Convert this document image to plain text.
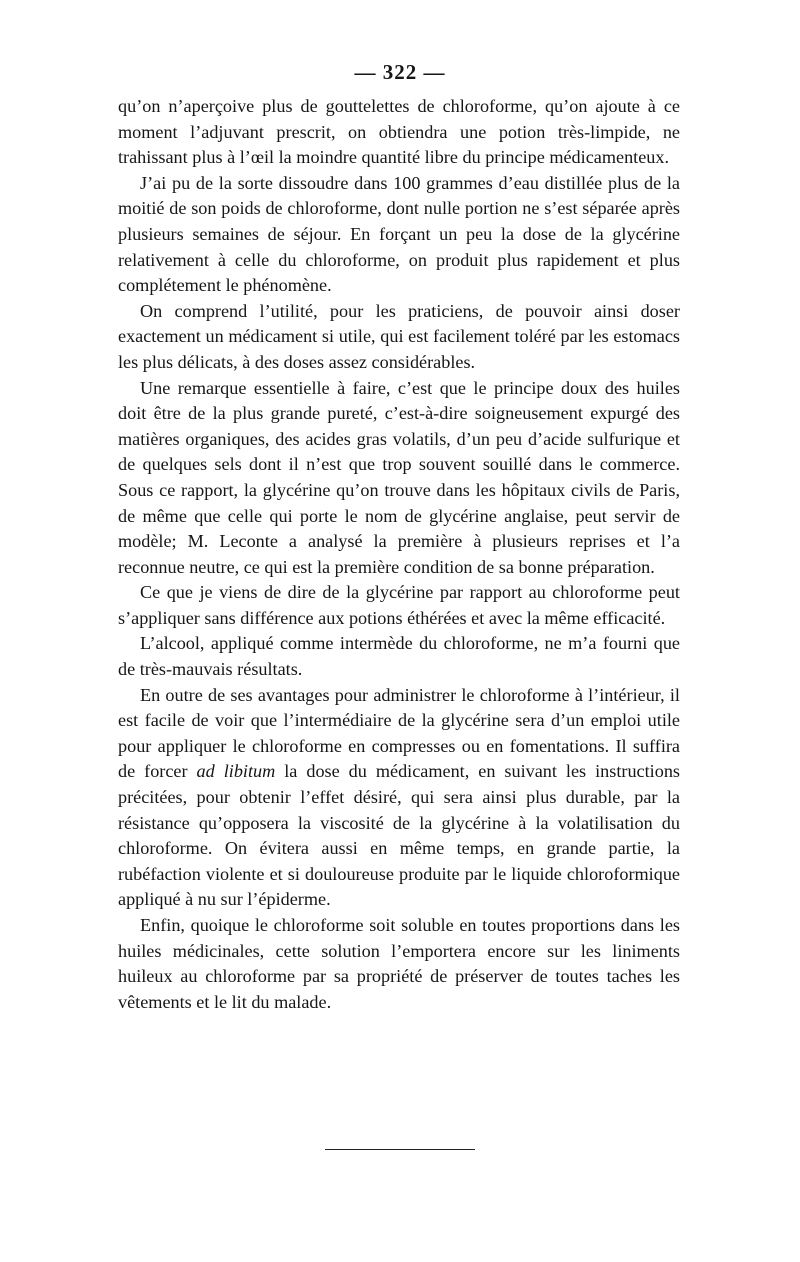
— 322 —

qu’on n’aperçoive plus de gouttelettes de chloroforme, qu’on ajoute à ce moment l’adjuvant prescrit, on obtiendra une potion très-limpide, ne trahissant plus à l’œil la moindre quantité libre du principe médicamenteux.

J’ai pu de la sorte dissoudre dans 100 grammes d’eau distillée plus de la moitié de son poids de chloroforme, dont nulle portion ne s’est séparée après plusieurs semaines de séjour. En forçant un peu la dose de la glycérine relativement à celle du chloroforme, on produit plus rapidement et plus complétement le phénomène.

On comprend l’utilité, pour les praticiens, de pouvoir ainsi doser exactement un médicament si utile, qui est facilement toléré par les estomacs les plus délicats, à des doses assez considérables.

Une remarque essentielle à faire, c’est que le principe doux des huiles doit être de la plus grande pureté, c’est-à-dire soigneusement expurgé des matières organiques, des acides gras volatils, d’un peu d’acide sulfurique et de quelques sels dont il n’est que trop souvent souillé dans le commerce. Sous ce rapport, la glycérine qu’on trouve dans les hôpitaux civils de Paris, de même que celle qui porte le nom de glycérine anglaise, peut servir de modèle; M. Leconte a analysé la première à plusieurs reprises et l’a reconnue neutre, ce qui est la première condition de sa bonne préparation.

Ce que je viens de dire de la glycérine par rapport au chloroforme peut s’appliquer sans différence aux potions éthérées et avec la même efficacité.

L’alcool, appliqué comme intermède du chloroforme, ne m’a fourni que de très-mauvais résultats.

En outre de ses avantages pour administrer le chloroforme à l’intérieur, il est facile de voir que l’intermédiaire de la glycérine sera d’un emploi utile pour appliquer le chloroforme en compresses ou en fomentations. Il suffira de forcer ad libitum la dose du médicament, en suivant les instructions précitées, pour obtenir l’effet désiré, qui sera ainsi plus durable, par la résistance qu’opposera la viscosité de la glycérine à la volatilisation du chloroforme. On évitera aussi en même temps, en grande partie, la rubéfaction violente et si douloureuse produite par le liquide chloroformique appliqué à nu sur l’épiderme.

Enfin, quoique le chloroforme soit soluble en toutes proportions dans les huiles médicinales, cette solution l’emportera encore sur les liniments huileux au chloroforme par sa propriété de préserver de toutes taches les vêtements et le lit du malade.
